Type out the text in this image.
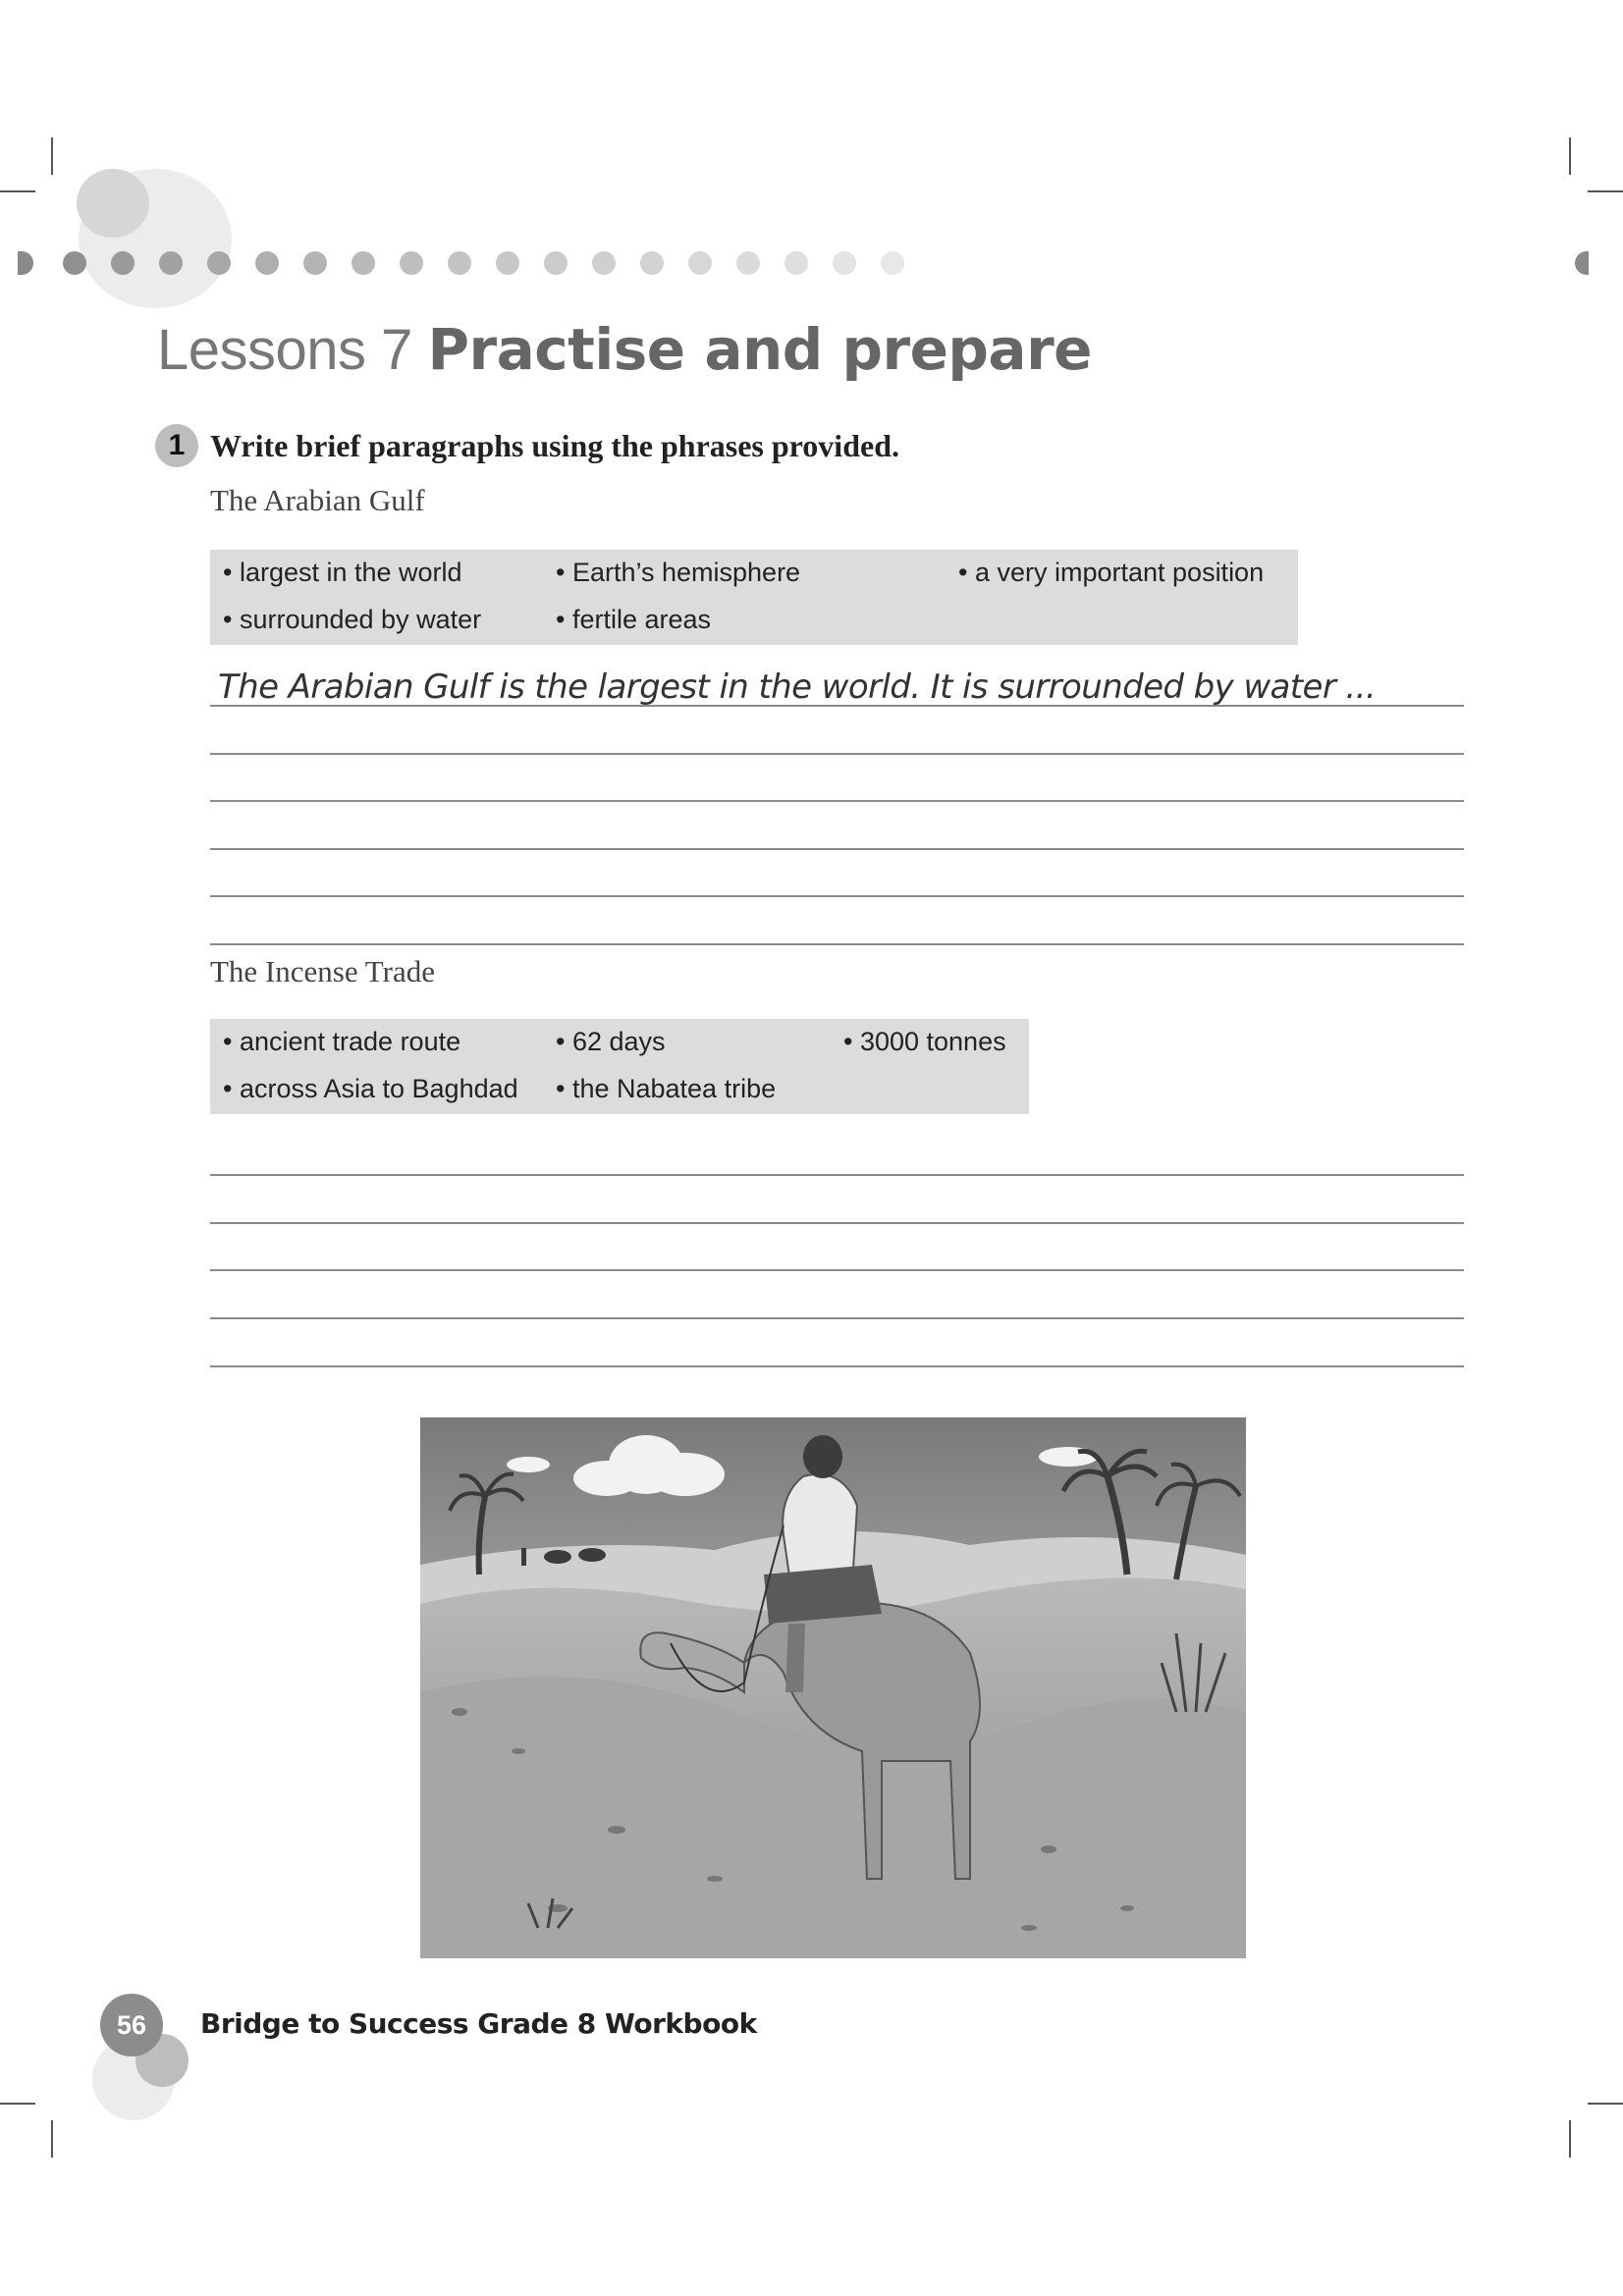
Lessons 7 Practise and prepare
1 Write brief paragraphs using the phrases provided.
The Arabian Gulf
• largest in the world	• Earth’s hemisphere	• a very important position
• surrounded by water	• fertile areas
The Arabian Gulf is the largest in the world. It is surrounded by water ...
The Incense Trade
• ancient trade route	• 62 days	• 3000 tonnes
• across Asia to Baghdad • the Nabatea tribe
56	Bridge to Success Grade 8 Workbook
